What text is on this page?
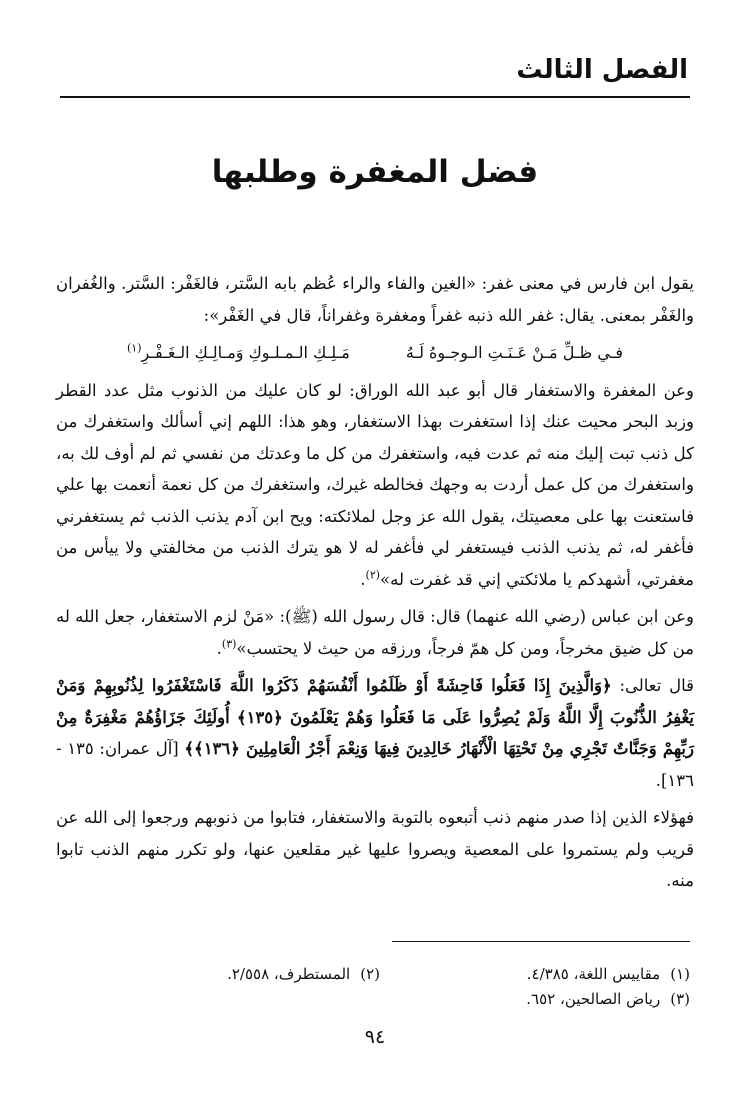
الفصل الثالث
فضل المغفرة وطلبها

يقول ابن فارس في معنى غفر: «الغين والفاء والراء عُظم بابه السَّتر، فالغَفْر: السَّتر. والغُفران والغَفْر بمعنى. يقال: غفر الله ذنبه غفراً ومغفرة وغفراناً، قال في الغَفْر»:

فـي ظـلِّ مَـنْ عَـنَـتِ الـوجـوهُ لَـهُمَـلِـكِ الـمـلـوكِ وَمـالِـكِ الـغَـفْـرِ$^{(١)}$

وعن المغفرة والاستغفار قال أبو عبد الله الوراق: لو كان عليك من الذنوب مثل عدد القطر وزبد البحر محيت عنك إذا استغفرت بهذا الاستغفار، وهو هذا: اللهم إني أسألك واستغفرك من كل ذنب تبت إليك منه ثم عدت فيه، واستغفرك من كل ما وعدتك من نفسي ثم لم أوف لك به، واستغفرك من كل عمل أردت به وجهك فخالطه غيرك، واستغفرك من كل نعمة أنعمت بها علي فاستعنت بها على معصيتك، يقول الله عز وجل لملائكته: ويح ابن آدم يذنب الذنب ثم يستغفرني فأغفر له، ثم يذنب الذنب فيستغفر لي فأغفر له لا هو يترك الذنب من مخالفتي ولا ييأس من مغفرتي، أشهدكم يا ملائكتي إني قد غفرت له»$^{(٢)}$.

وعن ابن عباس (رضي الله عنهما) قال: قال رسول الله (ﷺ): «مَنْ لزم الاستغفار، جعل الله له من كل ضيق مخرجاً، ومن كل همّ فرجاً، ورزقه من حيث لا يحتسب»$^{(٣)}$.

قال تعالى: ﴿وَالَّذِينَ إِذَا فَعَلُوا فَاحِشَةً أَوْ ظَلَمُوا أَنْفُسَهُمْ ذَكَرُوا اللَّهَ فَاسْتَغْفَرُوا لِذُنُوبِهِمْ وَمَنْ يَغْفِرُ الذُّنُوبَ إِلَّا اللَّهُ وَلَمْ يُصِرُّوا عَلَى مَا فَعَلُوا وَهُمْ يَعْلَمُونَ ﴿١٣٥﴾ أُولَئِكَ جَزَاؤُهُمْ مَغْفِرَةٌ مِنْ رَبِّهِمْ وَجَنَّاتٌ تَجْرِي مِنْ تَحْتِهَا الْأَنْهَارُ خَالِدِينَ فِيهَا وَنِعْمَ أَجْرُ الْعَامِلِينَ ﴿١٣٦﴾﴾ [آل عمران: ١٣٥ - ١٣٦].

فهؤلاء الذين إذا صدر منهم ذنب أتبعوه بالتوبة والاستغفار، فتابوا من ذنوبهم ورجعوا إلى الله عن قريب ولم يستمروا على المعصية ويصروا عليها غير مقلعين عنها، ولو تكرر منهم الذنب تابوا منه.

(١)مقاييس اللغة، ٤/٣٨٥.
(٢)المستطرف، ٢/٥٥٨.
(٣)رياض الصالحين، ٦٥٢.

٩٤
